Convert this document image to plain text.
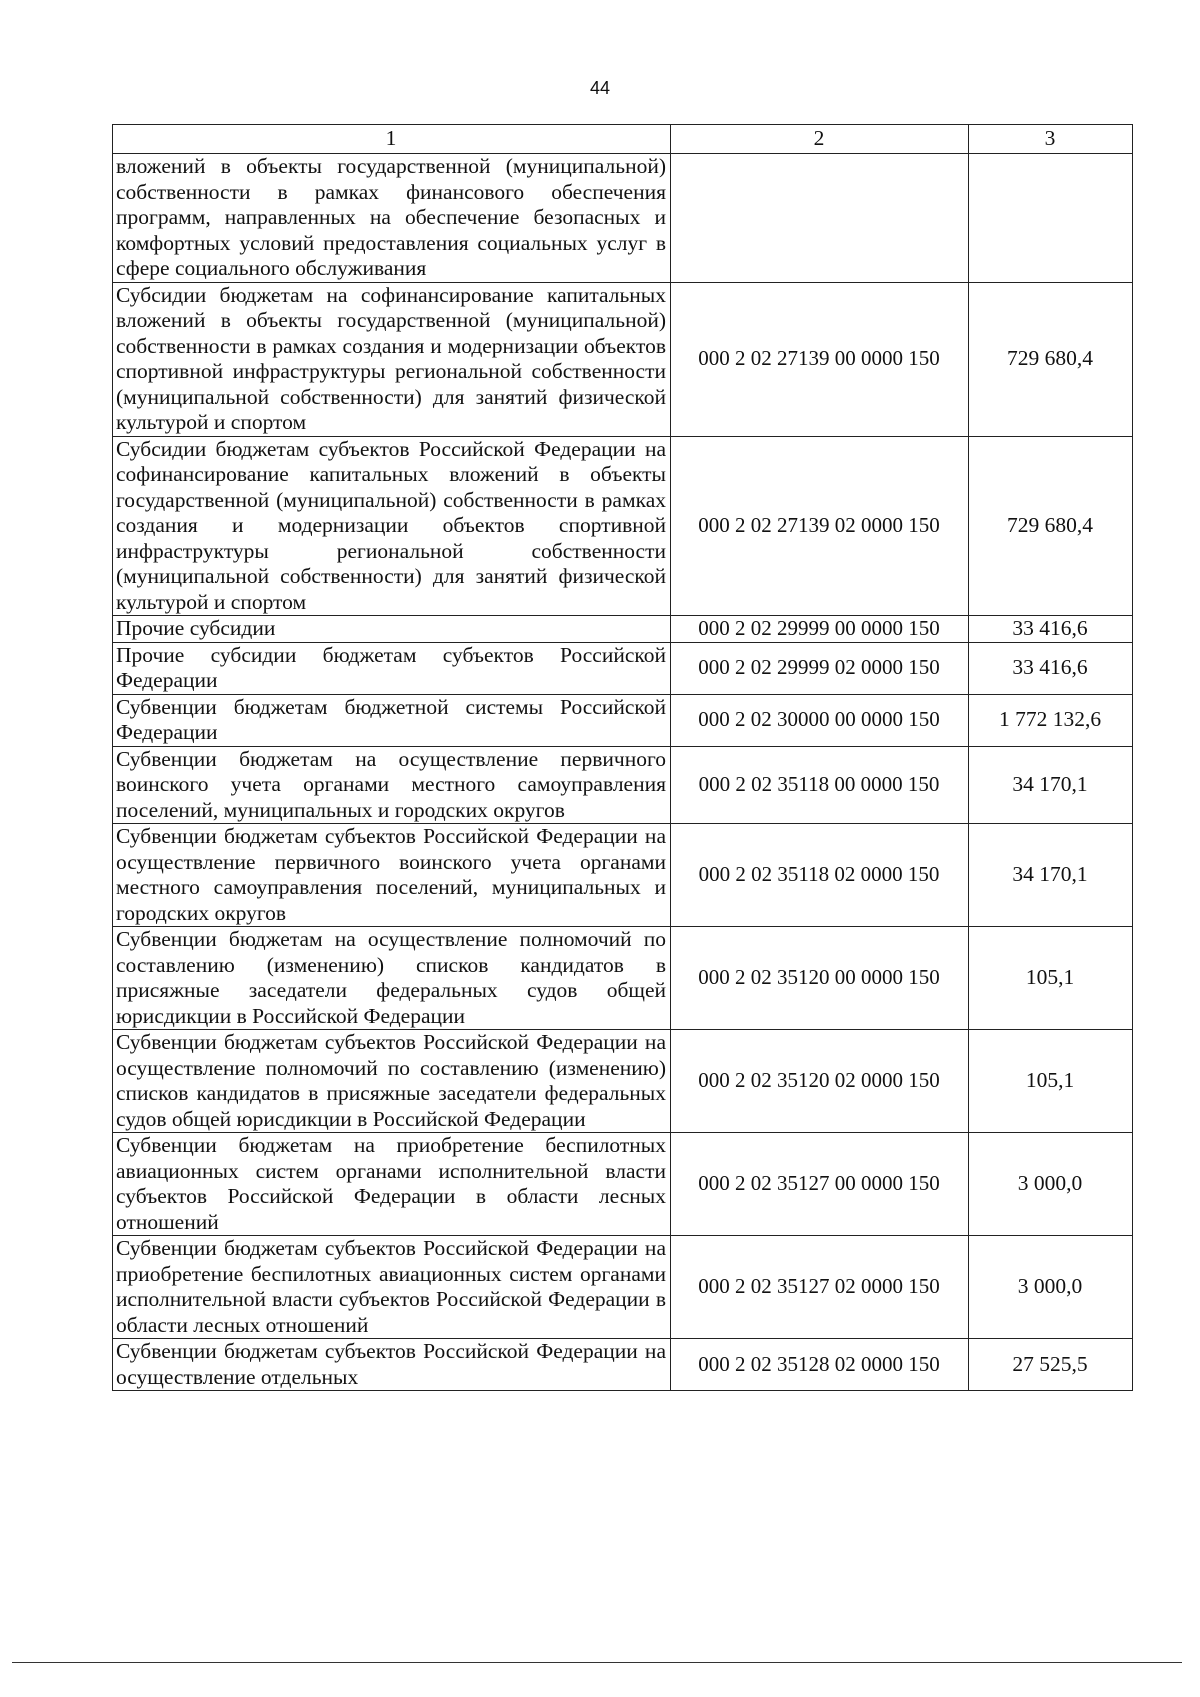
44
1	2	3
вложений в объекты государственной (муниципальной) собственности в рамках финансового обеспечения программ, направленных на обеспечение безопасных и комфортных условий предоставления социальных услуг в сфере социального обслуживания		
Субсидии бюджетам на софинансирование капитальных вложений в объекты государственной (муниципальной) собственности в рамках создания и модернизации объектов спортивной инфраструктуры региональной собственности (муниципальной собственности) для занятий физической культурой и спортом	000 2 02 27139 00 0000 150	729 680,4
Субсидии бюджетам субъектов Российской Федерации на софинансирование капитальных вложений в объекты государственной (муниципальной) собственности в рамках создания и модернизации объектов спортивной инфраструктуры региональной собственности (муниципальной собственности) для занятий физической культурой и спортом	000 2 02 27139 02 0000 150	729 680,4
Прочие субсидии	000 2 02 29999 00 0000 150	33 416,6
Прочие субсидии бюджетам субъектов Российской Федерации	000 2 02 29999 02 0000 150	33 416,6
Субвенции бюджетам бюджетной системы Российской Федерации	000 2 02 30000 00 0000 150	1 772 132,6
Субвенции бюджетам на осуществление первичного воинского учета органами местного самоуправления поселений, муниципальных и городских округов	000 2 02 35118 00 0000 150	34 170,1
Субвенции бюджетам субъектов Российской Федерации на осуществление первичного воинского учета органами местного самоуправления поселений, муниципальных и городских округов	000 2 02 35118 02 0000 150	34 170,1
Субвенции бюджетам на осуществление полномочий по составлению (изменению) списков кандидатов в присяжные заседатели федеральных судов общей юрисдикции в Российской Федерации	000 2 02 35120 00 0000 150	105,1
Субвенции бюджетам субъектов Российской Федерации на осуществление полномочий по составлению (изменению) списков кандидатов в присяжные заседатели федеральных судов общей юрисдикции в Российской Федерации	000 2 02 35120 02 0000 150	105,1
Субвенции бюджетам на приобретение беспилотных авиационных систем органами исполнительной власти субъектов Российской Федерации в области лесных отношений	000 2 02 35127 00 0000 150	3 000,0
Субвенции бюджетам субъектов Российской Федерации на приобретение беспилотных авиационных систем органами исполнительной власти субъектов Российской Федерации в области лесных отношений	000 2 02 35127 02 0000 150	3 000,0
Субвенции бюджетам субъектов Российской Федерации на осуществление отдельных	000 2 02 35128 02 0000 150	27 525,5
